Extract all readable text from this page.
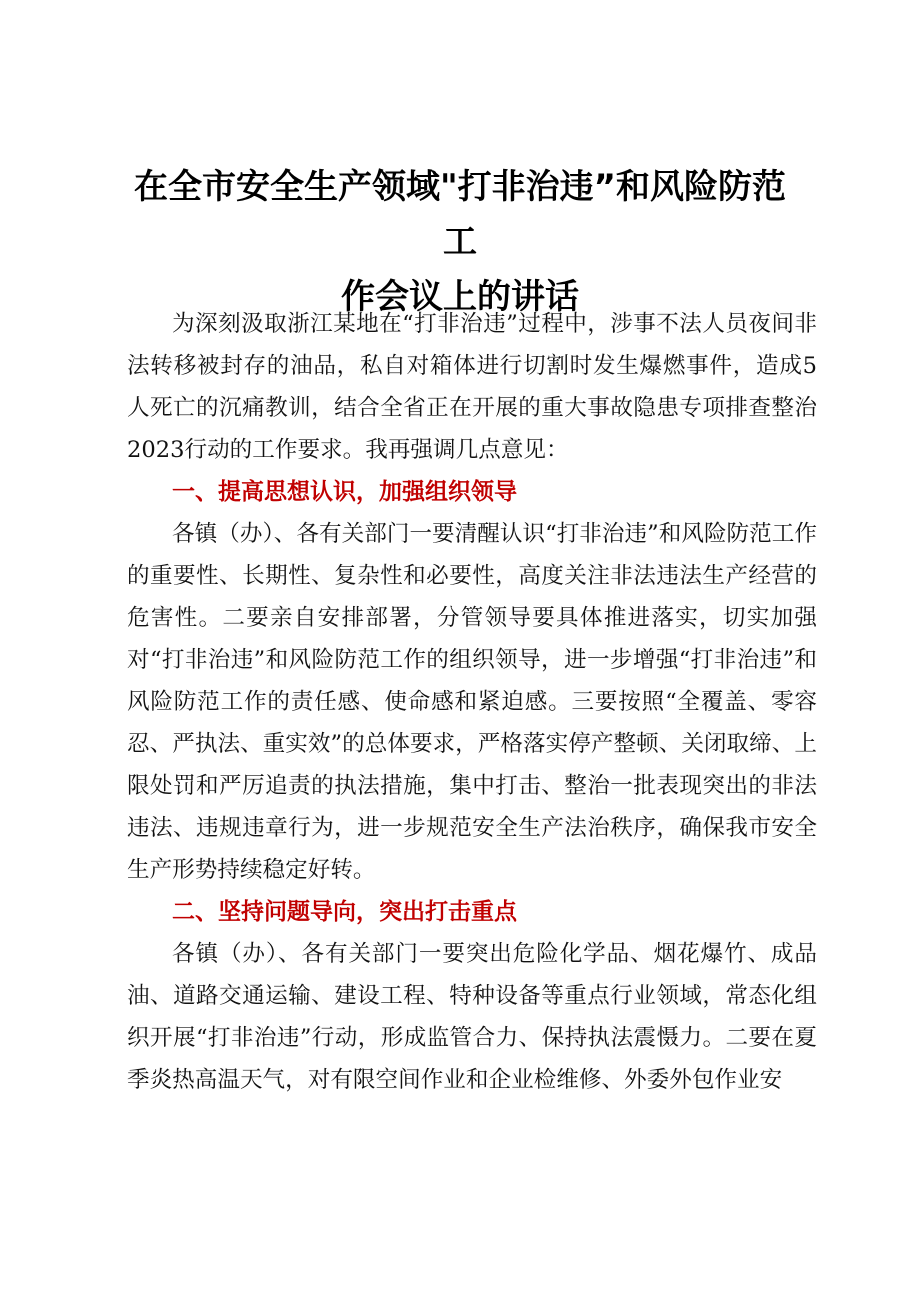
在全市安全生产领域"打非治违”和风险防范工
作会议上的讲话

为深刻汲取浙江某地在“打非治违”过程中，涉事不法人员夜间非法转移被封存的油品，私自对箱体进行切割时发生爆燃事件，造成5人死亡的沉痛教训，结合全省正在开展的重大事故隐患专项排查整治2023行动的工作要求。我再强调几点意见：

一、提高思想认识，加强组织领导

各镇（办）、各有关部门一要清醒认识“打非治违”和风险防范工作的重要性、长期性、复杂性和必要性，高度关注非法违法生产经营的危害性。二要亲自安排部署，分管领导要具体推进落实，切实加强对“打非治违”和风险防范工作的组织领导，进一步增强“打非治违”和风险防范工作的责任感、使命感和紧迫感。三要按照“全覆盖、零容忍、严执法、重实效”的总体要求，严格落实停产整顿、关闭取缔、上限处罚和严厉追责的执法措施，集中打击、整治一批表现突出的非法违法、违规违章行为，进一步规范安全生产法治秩序，确保我市安全生产形势持续稳定好转。

二、坚持问题导向，突出打击重点

各镇（办）、各有关部门一要突出危险化学品、烟花爆竹、成品油、道路交通运输、建设工程、特种设备等重点行业领域，常态化组织开展“打非治违”行动，形成监管合力、保持执法震慑力。二要在夏季炎热高温天气，对有限空间作业和企业检维修、外委外包作业安
